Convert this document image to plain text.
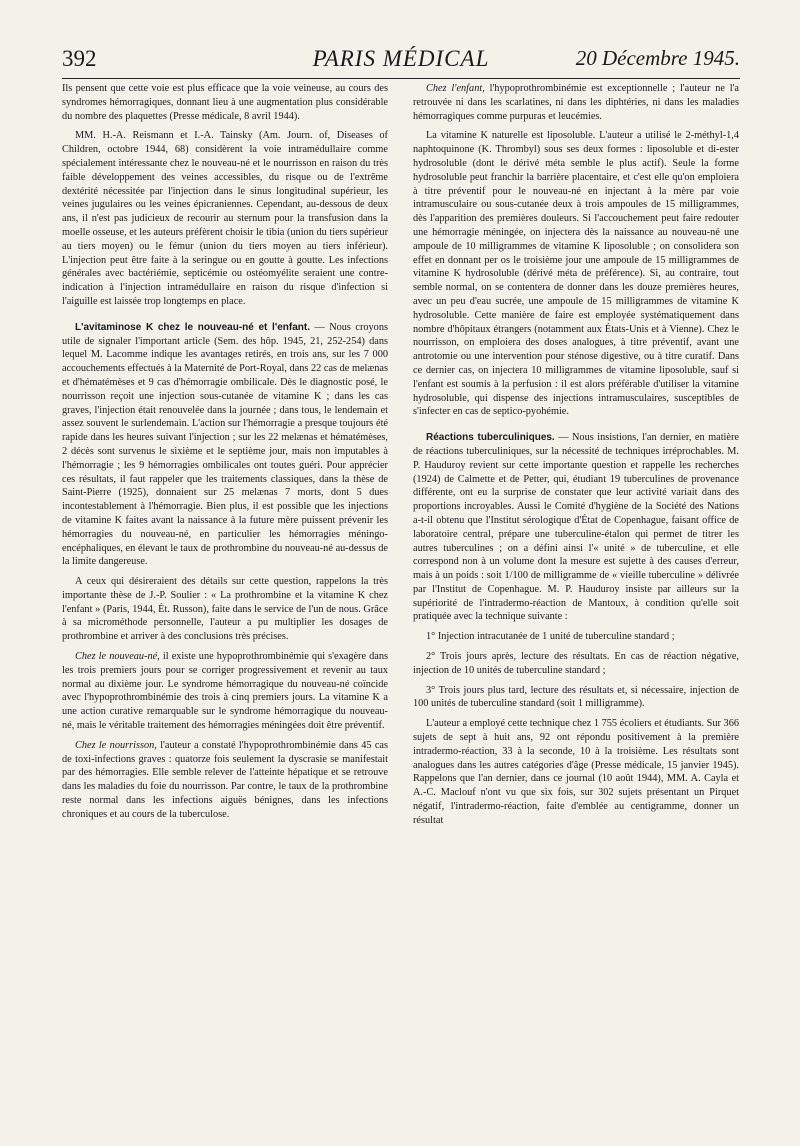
392	PARIS MÉDICAL	20 Décembre 1945.

Ils pensent que cette voie est plus efficace que la voie veineuse, au cours des syndromes hémorragiques, donnant lieu à une augmentation plus considérable du nombre des plaquettes (Presse médicale, 8 avril 1944).

MM. H.-A. Reismann et I.-A. Tainsky (Am. Journ. of, Diseases of Children, octobre 1944, 68) considèrent la voie intramédullaire comme spécialement intéressante chez le nouveau-né et le nourrisson en raison du très faible développement des veines accessibles, du risque ou de l'extrême dextérité nécessitée par l'injection dans le sinus longitudinal supérieur, les veines jugulaires ou les veines épicraniennes. Cependant, au-dessous de deux ans, il n'est pas judicieux de recourir au sternum pour la transfusion dans la moelle osseuse, et les auteurs préfèrent choisir le tibia (union du tiers supérieur au tiers moyen) ou le fémur (union du tiers moyen au tiers inférieur). L'injection peut être faite à la seringue ou en goutte à goutte. Les infections générales avec bactériémie, septicémie ou ostéomyélite seraient une contre-indication à l'injection intramédullaire en raison du risque d'infection si l'aiguille est laissée trop longtemps en place.

L'avitaminose K chez le nouveau-né et l'enfant. — Nous croyons utile de signaler l'important article (Sem. des hôp. 1945, 21, 252-254) dans lequel M. Lacomme indique les avantages retirés, en trois ans, sur les 7 000 accouchements effectués à la Maternité de Port-Royal, dans 22 cas de melænas et d'hématémèses et 9 cas d'hémorragie ombilicale. Dès le diagnostic posé, le nourrisson reçoit une injection sous-cutanée de vitamine K ; dans les cas graves, l'injection était renouvelée dans la journée ; dans tous, le lendemain et assez souvent le surlendemain. L'action sur l'hémorragie a presque toujours été rapide dans les heures suivant l'injection ; sur les 22 melænas et hématémèses, 2 décès sont survenus le sixième et le septième jour, mais non imputables à l'hémorragie ; les 9 hémorragies ombilicales ont toutes guéri. Pour apprécier ces résultats, il faut rappeler que les traitements classiques, dans la thèse de Saint-Pierre (1925), donnaient sur 25 melænas 7 morts, dont 5 dues incontestablement à l'hémorragie. Bien plus, il est possible que les injections de vitamine K faites avant la naissance à la future mère puissent prévenir les hémorragies du nouveau-né, en particulier les hémorragies méningo-encéphaliques, en élevant le taux de prothrombine du nouveau-né au-dessus de la limite dangereuse.

A ceux qui désireraient des détails sur cette question, rappelons la très importante thèse de J.-P. Soulier : « La prothrombine et la vitamine K chez l'enfant » (Paris, 1944, Ét. Russon), faite dans le service de l'un de nous. Grâce à sa microméthode personnelle, l'auteur a pu multiplier les dosages de prothrombine et arriver à des conclusions très précises.

Chez le nouveau-né, il existe une hypoprothrombinémie qui s'exagère dans les trois premiers jours pour se corriger progressivement et revenir au taux normal au dixième jour. Le syndrome hémorragique du nouveau-né coïncide avec l'hypoprothrombinémie des trois à cinq premiers jours. La vitamine K a une action curative remarquable sur le syndrome hémorragique du nouveau-né, mais le véritable traitement des hémorragies méningées doit être préventif.

Chez le nourrisson, l'auteur a constaté l'hypoprothrombinémie dans 45 cas de toxi-infections graves : quatorze fois seulement la dyscrasie se manifestait par des hémorragies. Elle semble relever de l'atteinte hépatique et se retrouve dans les maladies du foie du nourrisson. Par contre, le taux de la prothrombine reste normal dans les infections aiguës bénignes, dans les infections chroniques et au cours de la tuberculose.

Chez l'enfant, l'hypoprothrombinémie est exceptionnelle ; l'auteur ne l'a retrouvée ni dans les scarlatines, ni dans les diphtéries, ni dans les maladies hémorragiques comme purpuras et leucémies.

La vitamine K naturelle est liposoluble. L'auteur a utilisé le 2-méthyl-1,4 naphtoquinone (K. Thrombyl) sous ses deux formes : liposoluble et di-ester hydrosoluble (dont le dérivé méta semble le plus actif). Seule la forme hydrosoluble peut franchir la barrière placentaire, et c'est elle qu'on emploiera à titre préventif pour le nouveau-né en injectant à la mère par voie intramusculaire ou sous-cutanée deux à trois ampoules de 15 milligrammes, dès l'apparition des premières douleurs. Si l'accouchement peut faire redouter une hémorragie méningée, on injectera dès la naissance au nouveau-né une ampoule de 10 milligrammes de vitamine K liposoluble ; on consolidera son effet en donnant per os le troisième jour une ampoule de 15 milligrammes de vitamine K hydrosoluble (dérivé méta de préférence). Si, au contraire, tout semble normal, on se contentera de donner dans les douze premières heures, avec un peu d'eau sucrée, une ampoule de 15 milligrammes de vitamine K hydrosoluble. Cette manière de faire est employée systématiquement dans nombre d'hôpitaux étrangers (notamment aux États-Unis et à Vienne). Chez le nourrisson, on emploiera des doses analogues, à titre préventif, avant une antrotomie ou une intervention pour sténose digestive, ou à titre curatif. Dans ce dernier cas, on injectera 10 milligrammes de vitamine liposoluble, sauf si l'enfant est soumis à la perfusion : il est alors préférable d'utiliser la vitamine hydrosoluble, qui dispense des injections intramusculaires, susceptibles de s'infecter en cas de septico-pyohémie.

Réactions tuberculiniques. — Nous insistions, l'an dernier, en matière de réactions tuberculiniques, sur la nécessité de techniques irréprochables. M. P. Hauduroy revient sur cette importante question et rappelle les recherches (1924) de Calmette et de Petter, qui, étudiant 19 tuberculines de provenance différente, ont eu la surprise de constater que leur activité variait dans des proportions incroyables. Aussi le Comité d'hygiène de la Société des Nations a-t-il obtenu que l'Institut sérologique d'État de Copenhague, faisant office de laboratoire central, prépare une tuberculine-étalon qui permet de titrer les autres tuberculines ; on a défini ainsi l'« unité » de tuberculine, et elle correspond non à un volume dont la mesure est sujette à des causes d'erreur, mais à un poids : soit 1/100 de milligramme de « vieille tuberculine » délivrée par l'Institut de Copenhague. M. P. Hauduroy insiste par ailleurs sur la supériorité de l'intradermo-réaction de Mantoux, à condition qu'elle soit pratiquée avec la technique suivante :

1° Injection intracutanée de 1 unité de tuberculine standard ;

2° Trois jours après, lecture des résultats. En cas de réaction négative, injection de 10 unités de tuberculine standard ;

3° Trois jours plus tard, lecture des résultats et, si nécessaire, injection de 100 unités de tuberculine standard (soit 1 milligramme).

L'auteur a employé cette technique chez 1 755 écoliers et étudiants. Sur 366 sujets de sept à huit ans, 92 ont répondu positivement à la première intradermo-réaction, 33 à la seconde, 10 à la troisième. Les résultats sont analogues dans les autres catégories d'âge (Presse médicale, 15 janvier 1945). Rappelons que l'an dernier, dans ce journal (10 août 1944), MM. A. Cayla et A.-C. Maclouf n'ont vu que six fois, sur 302 sujets présentant un Pirquet négatif, l'intradermo-réaction, faite d'emblée au centigramme, donner un résultat
